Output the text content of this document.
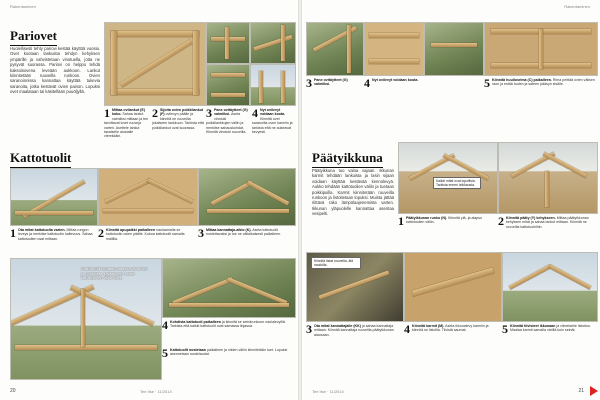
Rakentaminen
Pariovet
Huolellisesti tehty pariovi kestää käyttöä vuosia. Ovet kootaan lankuista tehdyn kehyksen ympärille ja vahvistetaan vinotuella, jotta ne pysyvät suorassa. Pariovi on helppo tehdä kaksoisovena leveään aukkoon. Lankut kiinnitetään ruuveilla runkoon. Ovien saranoinnissa kannattaa käyttää tukevia saranoita, jotka kestävät ovien painon. Lopuksi ovet maalataan tai käsitellään puuöljyllä.
1 Mittaa ovilankut (E) koko. Sahaa lankut valmiiksi mittaan ja tee tarvittavat lovet ruuveja varten. Asettele lankut tasaiselle alustalle vierekkäin.
2 Sijoita ovien poikkilankut (F) ovilevyn päälle ja kiinnitä ne ruuveilla jokaiseen lankkuun. Tarkista että poikkilankut ovat suorassa.
3 Pane ovitäytteet (G) valmiiksi. Aseta vinotuki poikkilankkujen väliin ja merkitse sahauskohdat. Kiinnitä vinotuki ruuveilla.
4 Nyt ovilevyt voidaan koota. Kiinnitä ovet saranoilla oven karmiin ja tarkista että ne aukeavat kevyesti.
Kattotuolit
1 Ota mitat kattotuolia varten. Mittaa rungon leveys ja merkitse kattotuolin kaltevuus. Sahaa kattotuolien osat mittaan.	2 Kiinnitä apupalkki paikalleen naulaamalla se kattotuolin osien päälle. Kokoa kattotuolit samalla mallilla.	3 Mittaa kannattaja-alkio (K). Aseta kattotuolit nostettavaksi ja tue ne väliaikaisesti paikalleen.
Kattotuolit kootaan maassa valmiiksi ja nostetaan paikalleen. Lisää kattotuolien väliin tuet.
4 Kohdista kattotuoli paikalleen ja kiinnitä se seinärunkoon naulalevyillä. Tarkista että kaikki kattotuolit ovat samassa linjassa.
5 Kattotuolit nostetaan paikalleen ja niiden väliin kiinnitetään tuet. Lopuksi asennetaan ruodelaudat.
20	Tee Itse · 11/2014
Rakentaminen
3 Pane ovitäytteet (G) valmiiksi.	4 Nyt ovilevyt voidaan koota.	5 Kiinnitä huullosrima (C) paikalleen. Rima peittää ovien välisen raon ja estää tuulen ja sateen pääsyn sisälle.
Päätyikkuna
Päätyikkuna tuo valoa vajaan. Ikkunan karmit tehdään lankuista ja lasin sijaan voidaan käyttää kestävää kennolevyä. Aukko tehdään kattotuolien väliin ja tuetaan poikkipuilla. Karmit kiinnitetään ruuveilla runkoon ja listoitetaan lopuksi. Muista jättää riittävä rako lämpölaajenemista varten. Ikkunan yläpuolelle kannattaa asentaa vesipelti.
Kaikki mitat ovat lopullisia. Tarkista ennen leikkausta.
1 Päätyikkunan runko (N). Kiinnitä ylä- ja alapuu kattotuolien väliin.	2 Kiinnitä pääty (Y) kehykseen. Mittaa päätyikkunan kehyksen mitat ja sahaa lankut mittaan. Kiinnitä ne ruuveilla kattotuoleihin.
Kiinnitä listat ruuveilla, älä nauloilla.
3 Ota mitat kannattajalle (KK) ja sahaa kannattaja mittaan. Kiinnitä kannattaja ruuveilla päätyikkunan alaosaan.	4 Kiinnitä karmit (M). Aseta ikkunalevy karmiin ja kiinnitä se listoilla. Tiivistä saumat.	5 Kiinnitä tiivisteet ikkunaan ja viimeistele listoitus. Maalaa karmit samalla värillä kuin seinät.
Tee Itse · 11/2014	21
